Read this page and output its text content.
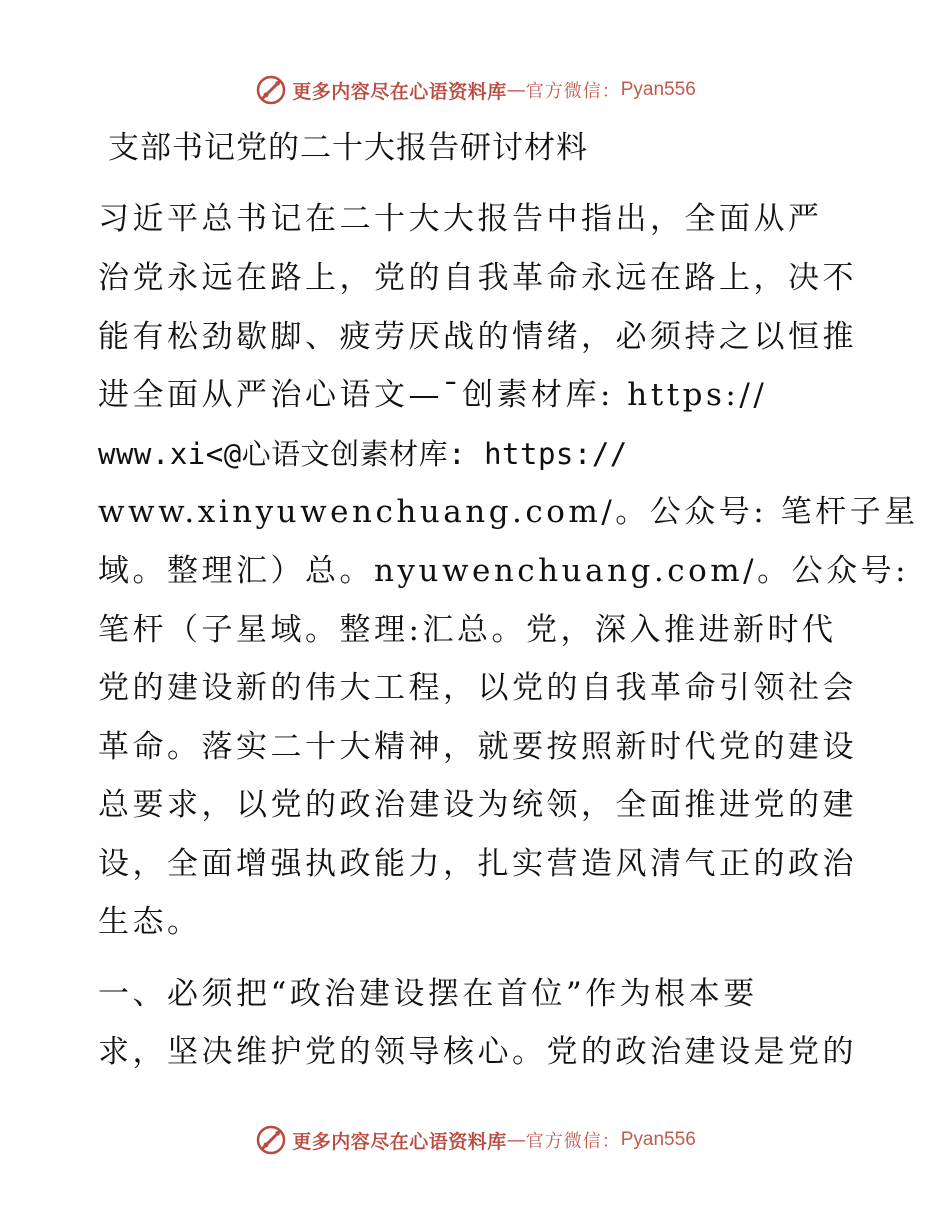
更多内容尽在心语资料库 — 官方微信： Pyan556
支部书记党的二十大报告研讨材料
习近平总书记在二十大大报告中指出，全面从严
治党永远在路上，党的自我革命永远在路上，决不
能有松劲歇脚、疲劳厌战的情绪，必须持之以恒推
进全面从严治心语文—¯创素材库: https://
www.xi<@心语文创素材库: https://
www.xinyuwenchuang.com/。公众号: 笔杆子星
域。整理汇）总。nyuwenchuang.com/。公众号:
笔杆（子星域。整理:汇总。党，深入推进新时代
党的建设新的伟大工程，以党的自我革命引领社会
革命。落实二十大精神，就要按照新时代党的建设
总要求，以党的政治建设为统领，全面推进党的建
设，全面增强执政能力，扎实营造风清气正的政治
生态。
一、必须把“政治建设摆在首位”作为根本要
求，坚决维护党的领导核心。党的政治建设是党的
更多内容尽在心语资料库 — 官方微信： Pyan556
